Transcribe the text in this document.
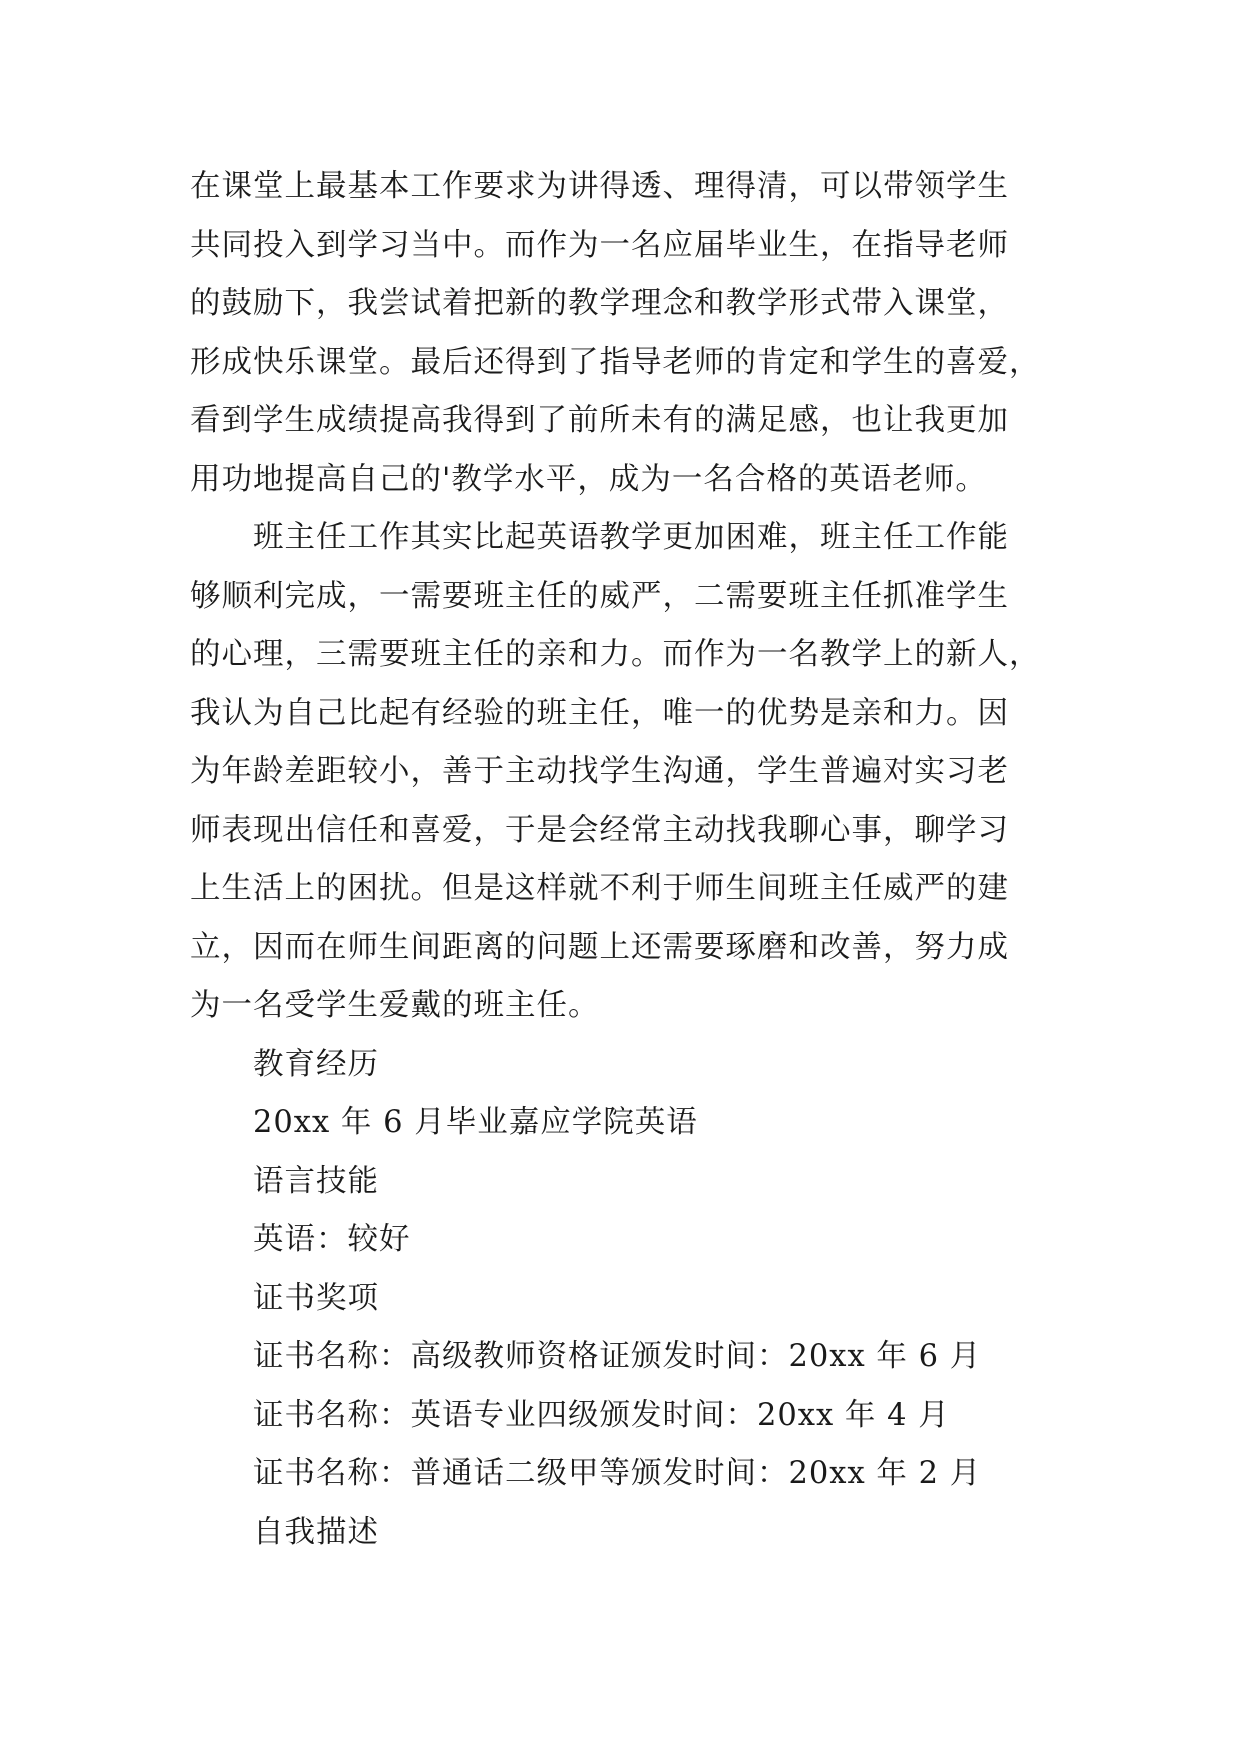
在课堂上最基本工作要求为讲得透、理得清，可以带领学生
共同投入到学习当中。而作为一名应届毕业生，在指导老师
的鼓励下，我尝试着把新的教学理念和教学形式带入课堂，
形成快乐课堂。最后还得到了指导老师的肯定和学生的喜爱，
看到学生成绩提高我得到了前所未有的满足感，也让我更加
用功地提高自己的'教学水平，成为一名合格的英语老师。
班主任工作其实比起英语教学更加困难，班主任工作能
够顺利完成，一需要班主任的威严，二需要班主任抓准学生
的心理，三需要班主任的亲和力。而作为一名教学上的新人，
我认为自己比起有经验的班主任，唯一的优势是亲和力。因
为年龄差距较小，善于主动找学生沟通，学生普遍对实习老
师表现出信任和喜爱，于是会经常主动找我聊心事，聊学习
上生活上的困扰。但是这样就不利于师生间班主任威严的建
立，因而在师生间距离的问题上还需要琢磨和改善，努力成
为一名受学生爱戴的班主任。
教育经历
20xx 年 6 月毕业嘉应学院英语
语言技能
英语：较好
证书奖项
证书名称：高级教师资格证颁发时间：20xx 年 6 月
证书名称：英语专业四级颁发时间：20xx 年 4 月
证书名称：普通话二级甲等颁发时间：20xx 年 2 月
自我描述
